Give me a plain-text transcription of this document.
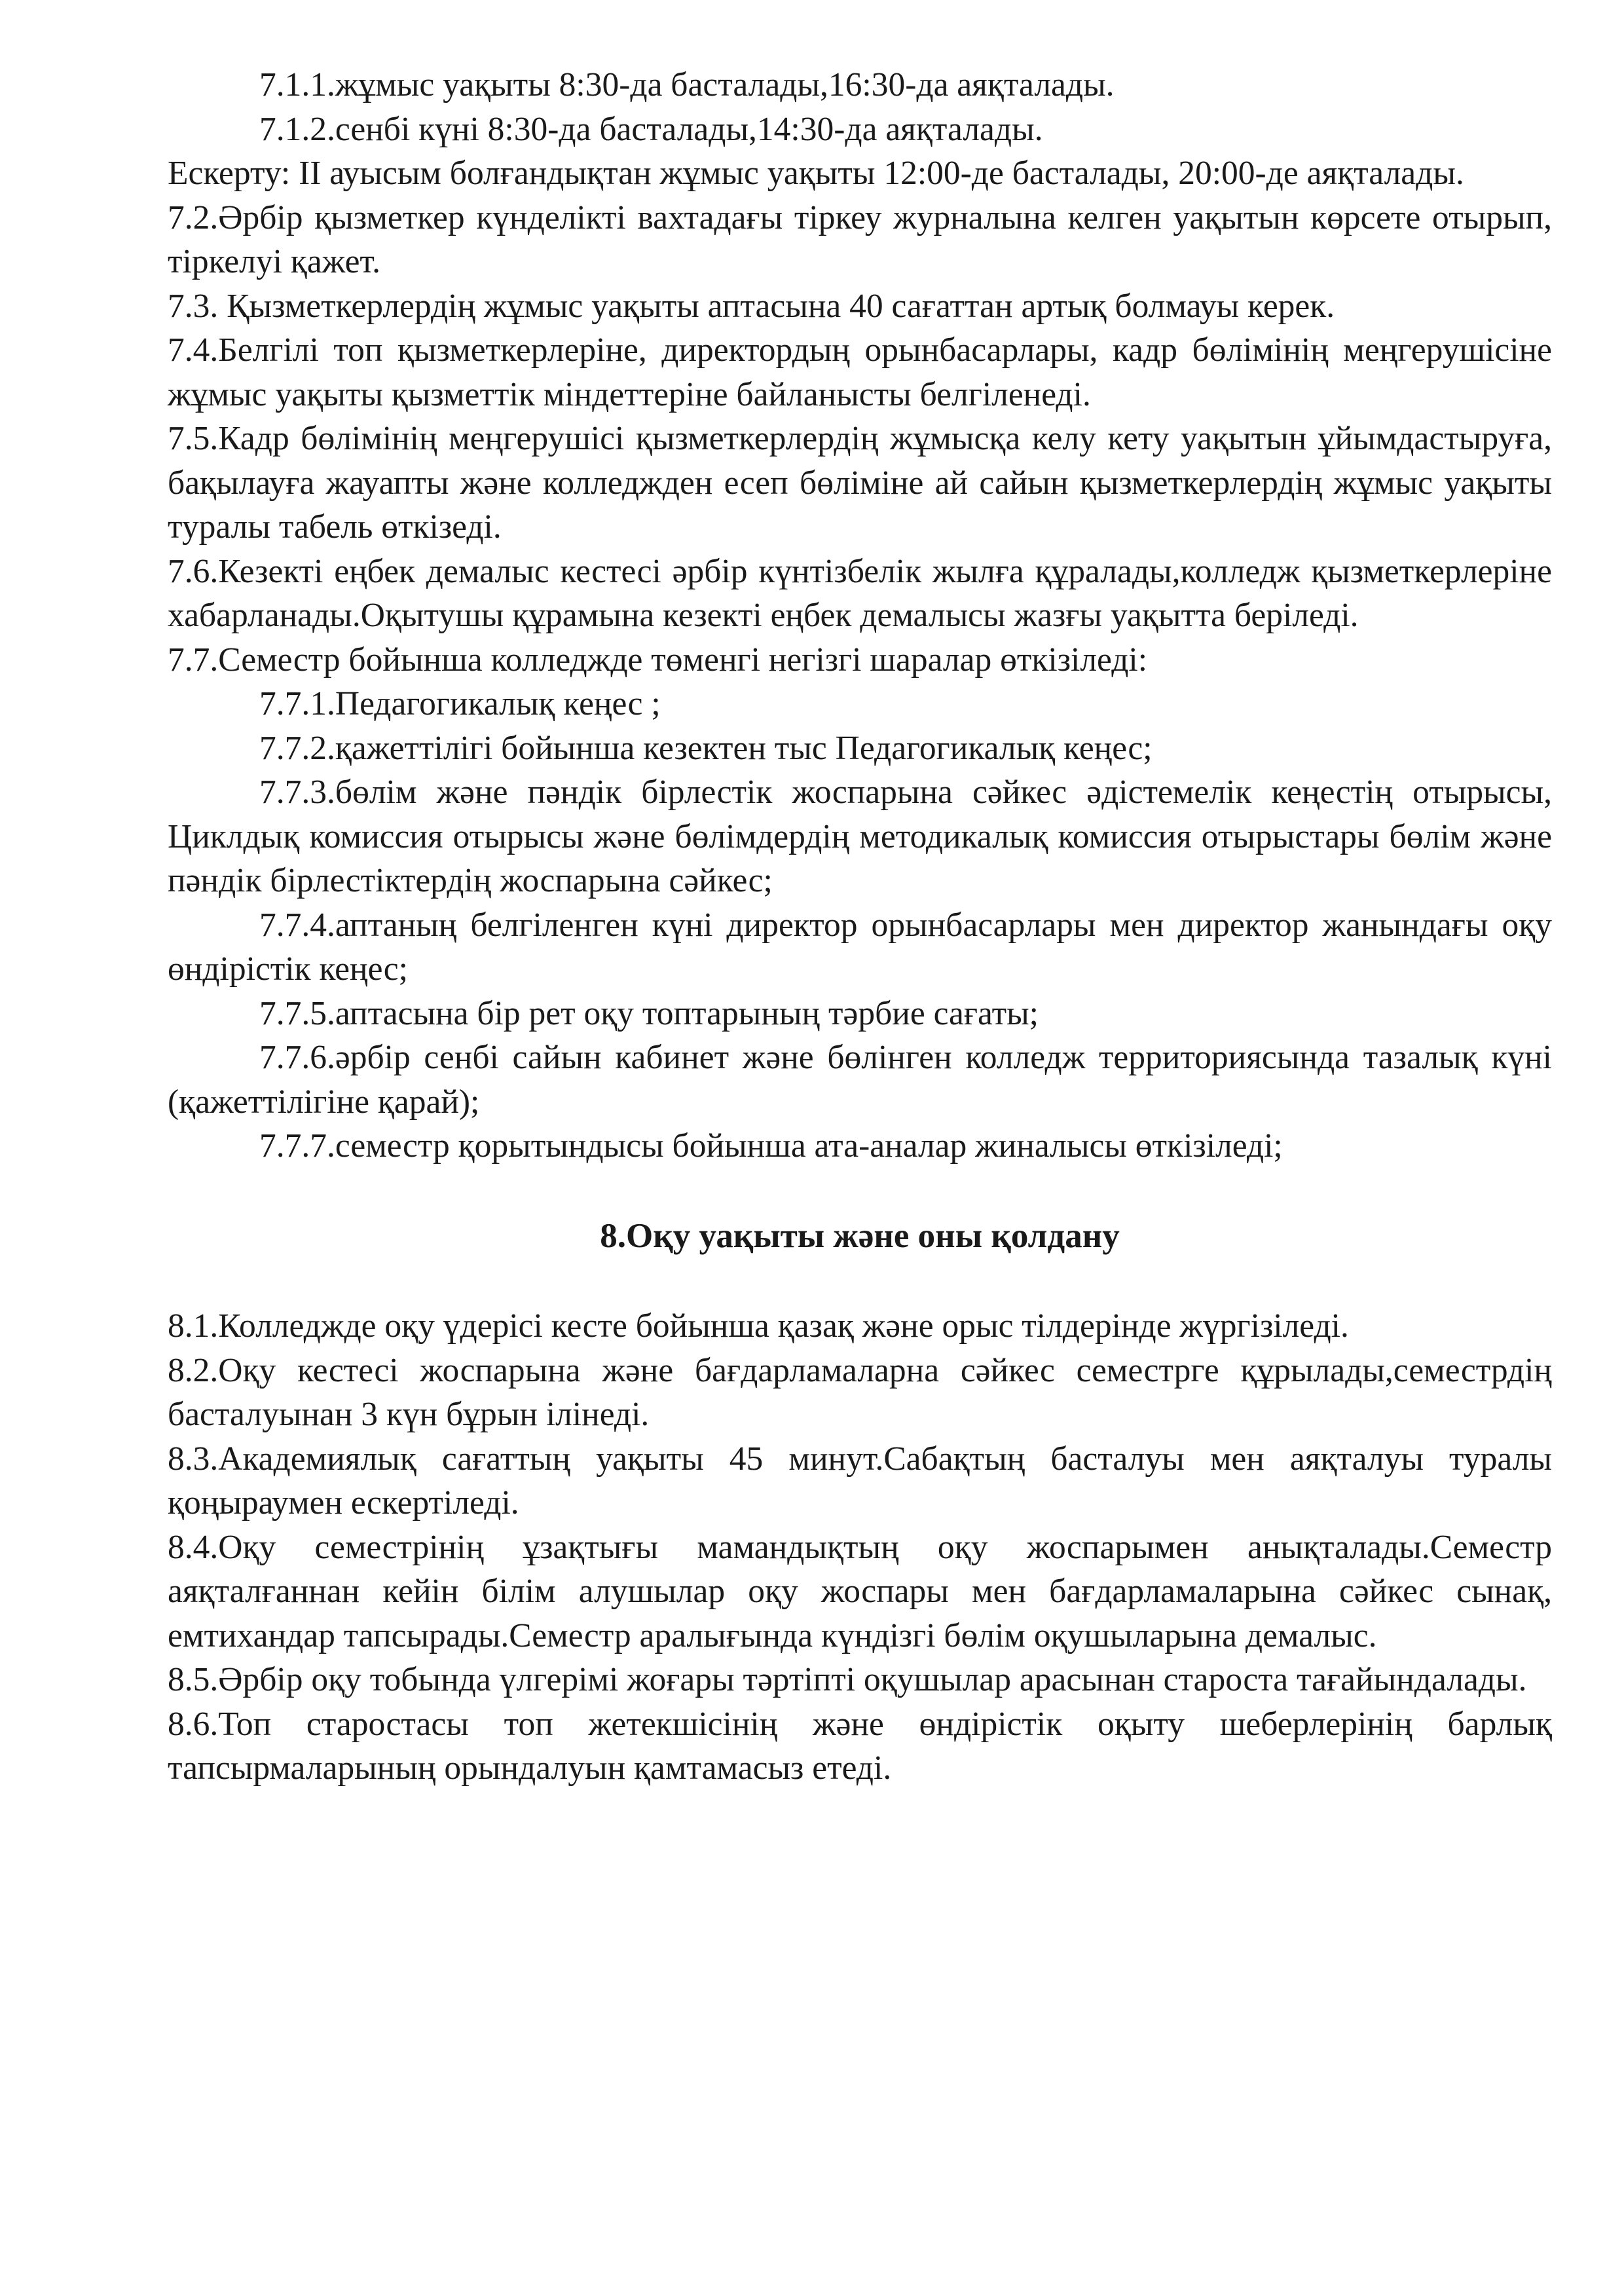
7.1.1.жұмыс уақыты 8:30-да басталады,16:30-да аяқталады.

7.1.2.сенбі күні 8:30-да басталады,14:30-да аяқталады.

Ескерту: II ауысым болғандықтан жұмыс уақыты 12:00-де басталады, 20:00-де аяқталады.

7.2.Әрбір қызметкер күнделікті вахтадағы тіркеу журналына келген уақытын көрсете отырып, тіркелуі қажет.

7.3. Қызметкерлердің жұмыс уақыты аптасына 40 сағаттан артық болмауы керек.

7.4.Белгілі топ қызметкерлеріне, директордың орынбасарлары, кадр бөлімінің меңгерушісіне жұмыс уақыты қызметтік міндеттеріне байланысты белгіленеді.

7.5.Кадр бөлімінің меңгерушісі қызметкерлердің жұмысқа келу кету уақытын ұйымдастыруға, бақылауға жауапты және колледжден есеп бөліміне ай сайын қызметкерлердің жұмыс уақыты туралы табель өткізеді.

7.6.Кезекті еңбек демалыс кестесі әрбір күнтізбелік жылға құралады,колледж қызметкерлеріне хабарланады.Оқытушы құрамына кезекті еңбек демалысы жазғы уақытта беріледі.

7.7.Семестр бойынша колледжде төменгі негізгі шаралар өткізіледі:

7.7.1.Педагогикалық кеңес ;

7.7.2.қажеттілігі бойынша кезектен тыс Педагогикалық кеңес;

7.7.3.бөлім және пәндік бірлестік жоспарына сәйкес әдістемелік кеңестің отырысы, Циклдық комиссия отырысы және бөлімдердің методикалық комиссия отырыстары бөлім және пәндік бірлестіктердің жоспарына сәйкес;

7.7.4.аптаның белгіленген күні директор орынбасарлары мен директор жанындағы оқу өндірістік кеңес;

7.7.5.аптасына бір рет оқу топтарының тәрбие сағаты;

7.7.6.әрбір сенбі сайын кабинет және бөлінген колледж территориясында тазалық күні (қажеттілігіне қарай);

7.7.7.семестр қорытындысы бойынша ата-аналар жиналысы өткізіледі;

8.Оқу уақыты және оны қолдану

8.1.Колледжде оқу үдерісі кесте бойынша қазақ және орыс тілдерінде жүргізіледі.

8.2.Оқу кестесі жоспарына және бағдарламаларна сәйкес семестрге құрылады,семестрдің басталуынан 3 күн бұрын ілінеді.

8.3.Академиялық сағаттың уақыты 45 минут.Сабақтың басталуы мен аяқталуы туралы қоңыраумен ескертіледі.

8.4.Оқу семестрінің ұзақтығы мамандықтың оқу жоспарымен анықталады.Семестр аяқталғаннан кейін білім алушылар оқу жоспары мен бағдарламаларына сәйкес сынақ, емтихандар тапсырады.Семестр аралығында күндізгі бөлім оқушыларына демалыс.

8.5.Әрбір оқу тобында үлгерімі жоғары тәртіпті оқушылар арасынан староста тағайындалады.

8.6.Топ старостасы топ жетекшісінің және өндірістік оқыту шеберлерінің барлық тапсырмаларының орындалуын қамтамасыз етеді.
